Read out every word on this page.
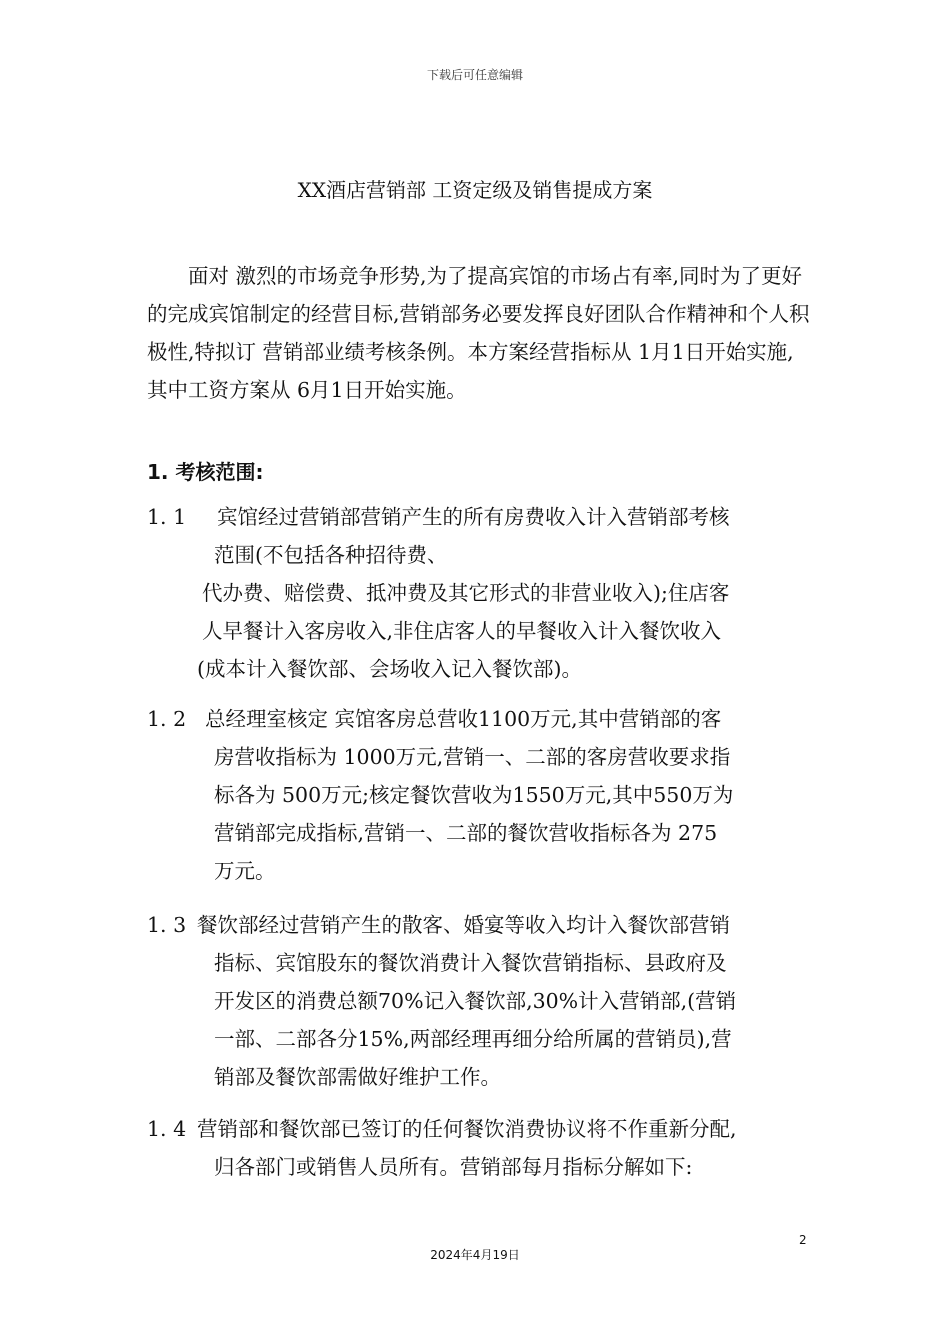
下载后可任意编辑
XX酒店营销部 工资定级及销售提成方案

面对 激烈的市场竞争形势,为了提高宾馆的市场占有率,同时为了更好的完成宾馆制定的经营目标,营销部务必要发挥良好团队合作精神和个人积极性,特拟订 营销部业绩考核条例。本方案经营指标从 1月1日开始实施,其中工资方案从 6月1日开始实施。

1. 考核范围:
1. 1	宾馆经过营销部营销产生的所有房费收入计入营销部考核
范围(不包括各种招待费、
代办费、赔偿费、抵冲费及其它形式的非营业收入);住店客
人早餐计入客房收入,非住店客人的早餐收入计入餐饮收入
(成本计入餐饮部、会场收入记入餐饮部)。
1. 2 总经理室核定 宾馆客房总营收1100万元,其中营销部的客
房营收指标为 1000万元,营销一、二部的客房营收要求指
标各为 500万元;核定餐饮营收为1550万元,其中550万为
营销部完成指标,营销一、二部的餐饮营收指标各为 275
万元。
1. 3 餐饮部经过营销产生的散客、婚宴等收入均计入餐饮部营销
指标、宾馆股东的餐饮消费计入餐饮营销指标、县政府及
开发区的消费总额70%记入餐饮部,30%计入营销部,(营销
一部、二部各分15%,两部经理再细分给所属的营销员),营
销部及餐饮部需做好维护工作。
1. 4 营销部和餐饮部已签订的任何餐饮消费协议将不作重新分配,
归各部门或销售人员所有。营销部每月指标分解如下:
2
2024年4月19日
